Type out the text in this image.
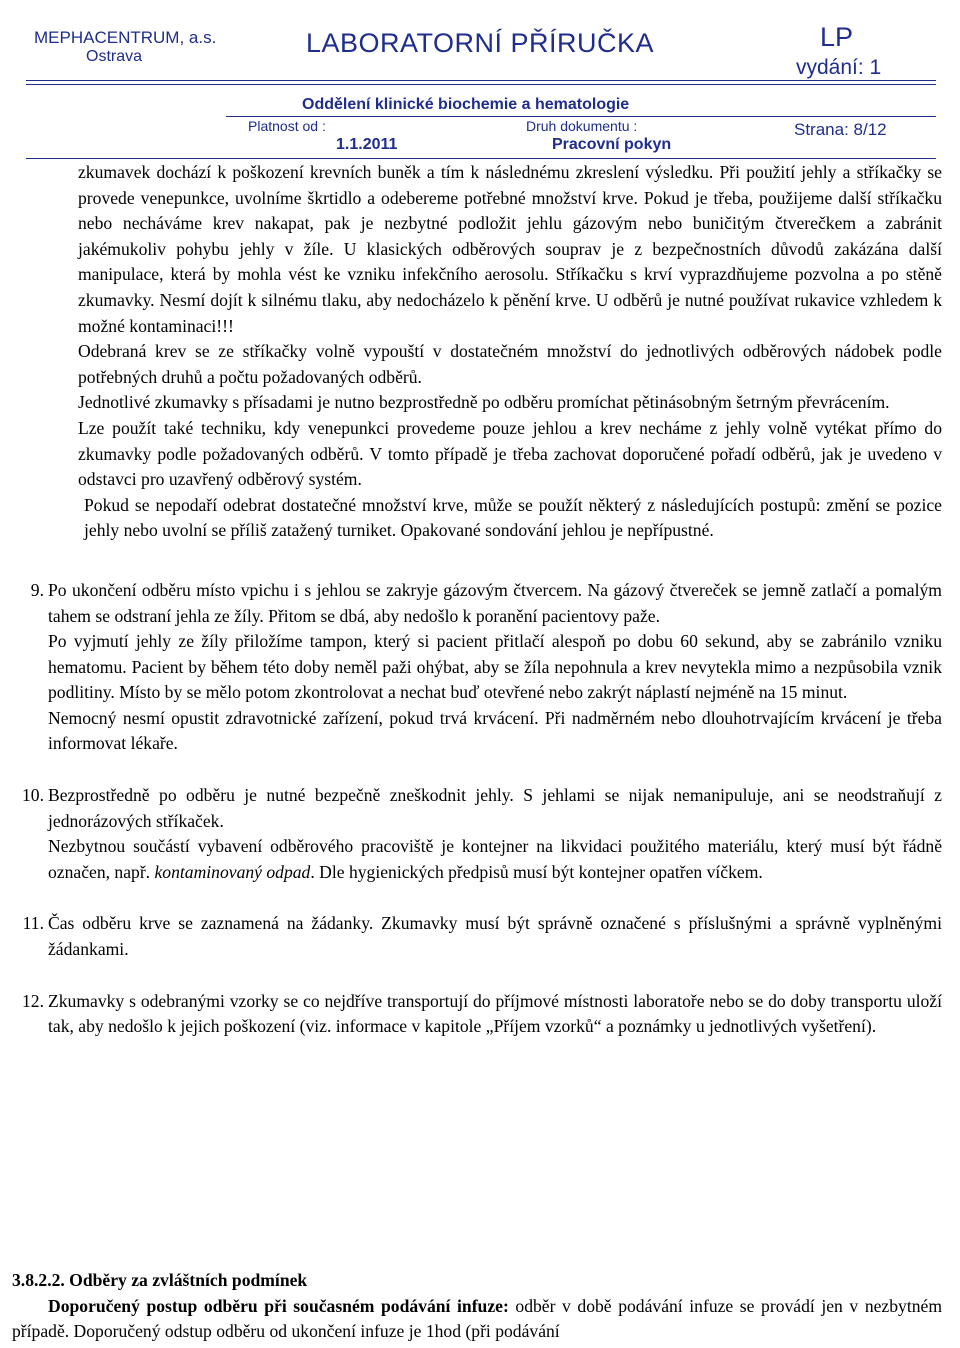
MEPHACENTRUM, a.s.
Ostrava	LABORATORNÍ PŘÍRUČKA	LP
vydání: 1
Oddělení klinické biochemie a hematologie
Platnost od :
1.1.2011
Druh dokumentu :
Pracovní pokyn
Strana: 8/12

zkumavek dochází k poškození krevních buněk a tím k následnému zkreslení výsledku. Při použití jehly a stříkačky se provede venepunkce, uvolníme škrtidlo a odebereme potřebné množství krve. Pokud je třeba, použijeme další stříkačku nebo necháváme krev nakapat, pak je nezbytné podložit jehlu gázovým nebo buničitým čtverečkem a zabránit jakémukoliv pohybu jehly v žíle. U klasických odběrových souprav je z bezpečnostních důvodů zakázána další manipulace, která by mohla vést ke vzniku infekčního aerosolu. Stříkačku s krví vyprazdňujeme pozvolna a po stěně zkumavky. Nesmí dojít k silnému tlaku, aby nedocházelo k pěnění krve. U odběrů je nutné používat rukavice vzhledem k možné kontaminaci!!!

Odebraná krev se ze stříkačky volně vypouští v dostatečném množství do jednotlivých odběrových nádobek podle potřebných druhů a počtu požadovaných odběrů.

Jednotlivé zkumavky s přísadami je nutno bezprostředně po odběru promíchat pětinásobným šetrným převrácením.

Lze použít také techniku, kdy venepunkci provedeme pouze jehlou a krev necháme z jehly volně vytékat přímo do zkumavky podle požadovaných odběrů. V tomto případě je třeba zachovat doporučené pořadí odběrů, jak je uvedeno v odstavci pro uzavřený odběrový systém.

Pokud se nepodaří odebrat dostatečné množství krve, může se použít některý z následujících postupů: změní se pozice jehly nebo uvolní se příliš zatažený turniket. Opakované sondování jehlou je nepřípustné.

9. Po ukončení odběru místo vpichu i s jehlou se zakryje gázovým čtvercem. Na gázový čtvereček se jemně zatlačí a pomalým tahem se odstraní jehla ze žíly. Přitom se dbá, aby nedošlo k poranění pacientovy paže.

Po vyjmutí jehly ze žíly přiložíme tampon, který si pacient přitlačí alespoň po dobu 60 sekund, aby se zabránilo vzniku hematomu. Pacient by během této doby neměl paži ohýbat, aby se žíla nepohnula a krev nevytekla mimo a nezpůsobila vznik podlitiny. Místo by se mělo potom zkontrolovat a nechat buď otevřené nebo zakrýt náplastí nejméně na 15 minut.

Nemocný nesmí opustit zdravotnické zařízení, pokud trvá krvácení. Při nadměrném nebo dlouhotrvajícím krvácení je třeba informovat lékaře.

10. Bezprostředně po odběru je nutné bezpečně zneškodnit jehly. S jehlami se nijak nemanipuluje, ani se neodstraňují z jednorázových stříkaček.

Nezbytnou součástí vybavení odběrového pracoviště je kontejner na likvidaci použitého materiálu, který musí být řádně označen, např. kontaminovaný odpad. Dle hygienických předpisů musí být kontejner opatřen víčkem.

11. Čas odběru krve se zaznamená na žádanky. Zkumavky musí být správně označené s příslušnými a správně vyplněnými žádankami.

12. Zkumavky s odebranými vzorky se co nejdříve transportují do příjmové místnosti laboratoře nebo se do doby transportu uloží tak, aby nedošlo k jejich poškození (viz. informace v kapitole „Příjem vzorků“ a poznámky u jednotlivých vyšetření).

3.8.2.2. Odběry za zvláštních podmínek

Doporučený postup odběru při současném podávání infuze: odběr v době podávání infuze se provádí jen v nezbytném případě. Doporučený odstup odběru od ukončení infuze je 1hod (při podávání
